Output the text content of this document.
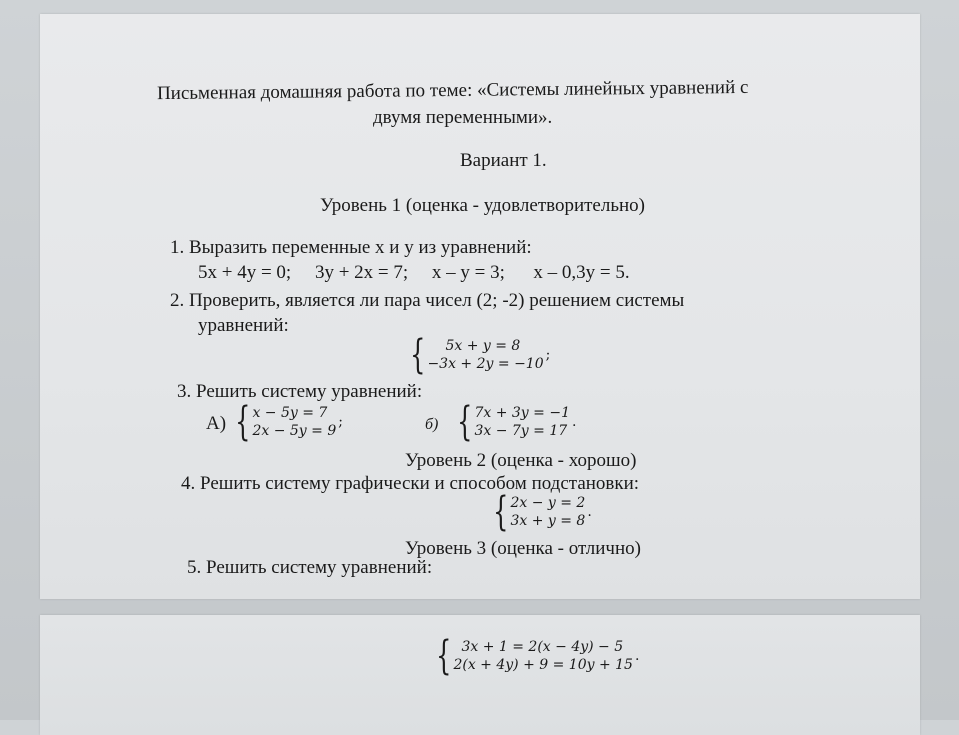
Письменная домашняя работа по теме: «Системы линейных уравнений с
двумя переменными».
Вариант 1.
Уровень 1 (оценка - удовлетворительно)
1. Выразить переменные х и у из уравнений:
5х + 4у = 0;     3у + 2х = 7;     х – у = 3;      х – 0,3у = 5.
2. Проверить, является ли пара чисел (2; -2) решением системы
уравнений:
{	5x + y = 8
−3x + 2y = −10
;
3. Решить систему уравнений:
А) { x − 5y = 7
2x − 5y = 9
;	б) { 7x + 3y = −1
3x − 7y = 17
.
Уровень 2 (оценка - хорошо)
4. Решить систему графически и способом подстановки:
{ 2x − y = 2
3x + y = 8
.
Уровень 3 (оценка - отлично)
5. Решить систему уравнений:
{ 3x + 1 = 2(x − 4y) − 5
2(x + 4y) + 9 = 10y + 15
.
